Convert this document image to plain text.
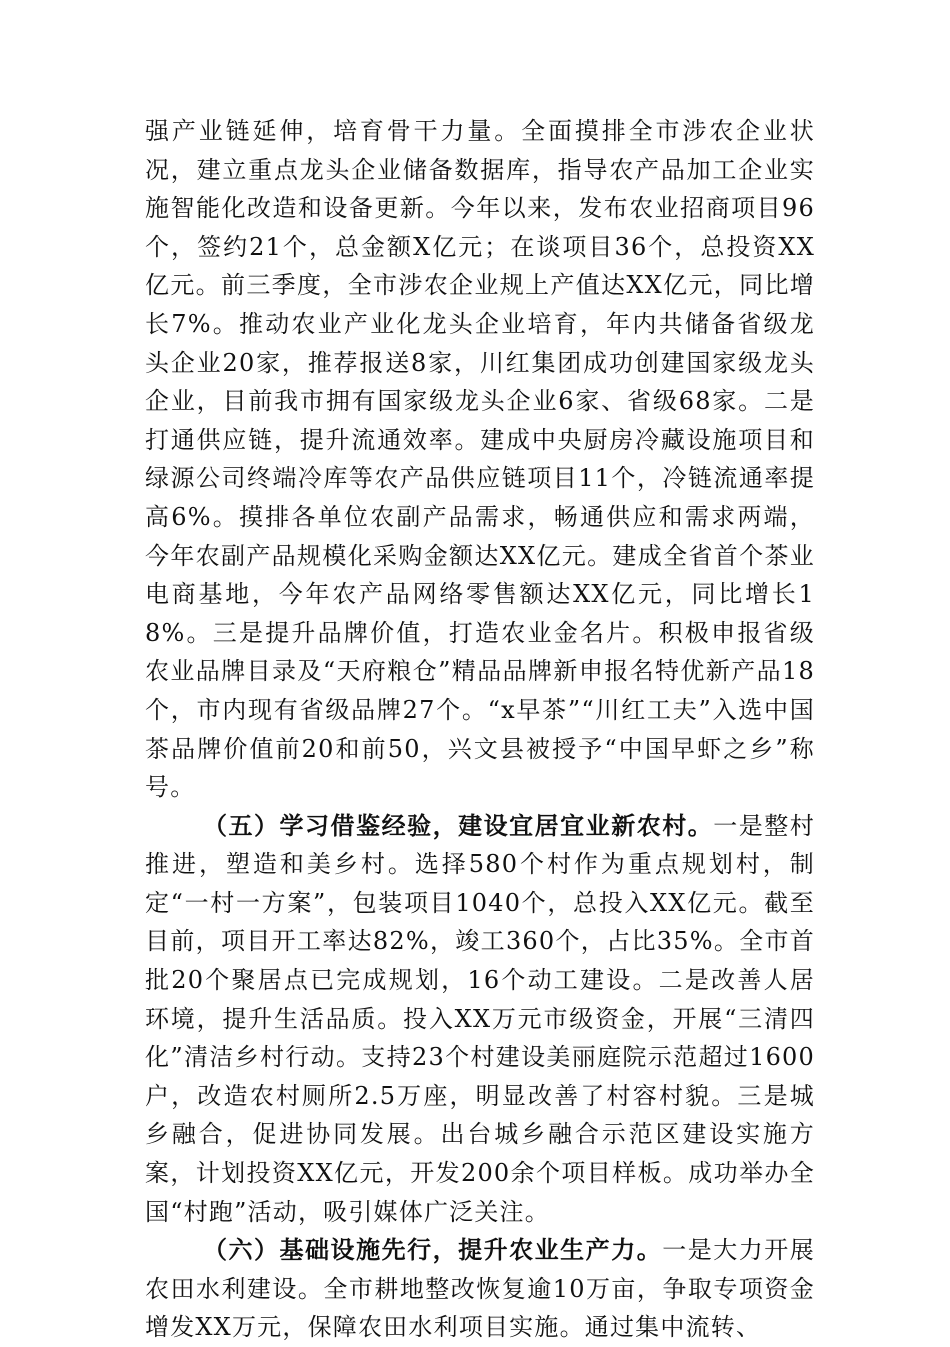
强产业链延伸，培育骨干力量。全面摸排全市涉农企业状况，建立重点龙头企业储备数据库，指导农产品加工企业实施智能化改造和设备更新。今年以来，发布农业招商项目96个，签约21个，总金额X亿元；在谈项目36个，总投资XX亿元。前三季度，全市涉农企业规上产值达XX亿元，同比增长7%。推动农业产业化龙头企业培育，年内共储备省级龙头企业20家，推荐报送8家，川红集团成功创建国家级龙头企业，目前我市拥有国家级龙头企业6家、省级68家。二是打通供应链，提升流通效率。建成中央厨房冷藏设施项目和绿源公司终端冷库等农产品供应链项目11个，冷链流通率提高6%。摸排各单位农副产品需求，畅通供应和需求两端，今年农副产品规模化采购金额达XX亿元。建成全省首个茶业电商基地，今年农产品网络零售额达XX亿元，同比增长18%。三是提升品牌价值，打造农业金名片。积极申报省级农业品牌目录及“天府粮仓”精品品牌新申报名特优新产品18个，市内现有省级品牌27个。“x早茶”“川红工夫”入选中国茶品牌价值前20和前50，兴文县被授予“中国早虾之乡”称号。

（五）学习借鉴经验，建设宜居宜业新农村。一是整村推进，塑造和美乡村。选择580个村作为重点规划村，制定“一村一方案”，包装项目1040个，总投入XX亿元。截至目前，项目开工率达82%，竣工360个，占比35%。全市首批20个聚居点已完成规划，16个动工建设。二是改善人居环境，提升生活品质。投入XX万元市级资金，开展“三清四化”清洁乡村行动。支持23个村建设美丽庭院示范超过1600户，改造农村厕所2.5万座，明显改善了村容村貌。三是城乡融合，促进协同发展。出台城乡融合示范区建设实施方案，计划投资XX亿元，开发200余个项目样板。成功举办全国“村跑”活动，吸引媒体广泛关注。

（六）基础设施先行，提升农业生产力。一是大力开展农田水利建设。全市耕地整改恢复逾10万亩，争取专项资金增发XX万元，保障农田水利项目实施。通过集中流转、
